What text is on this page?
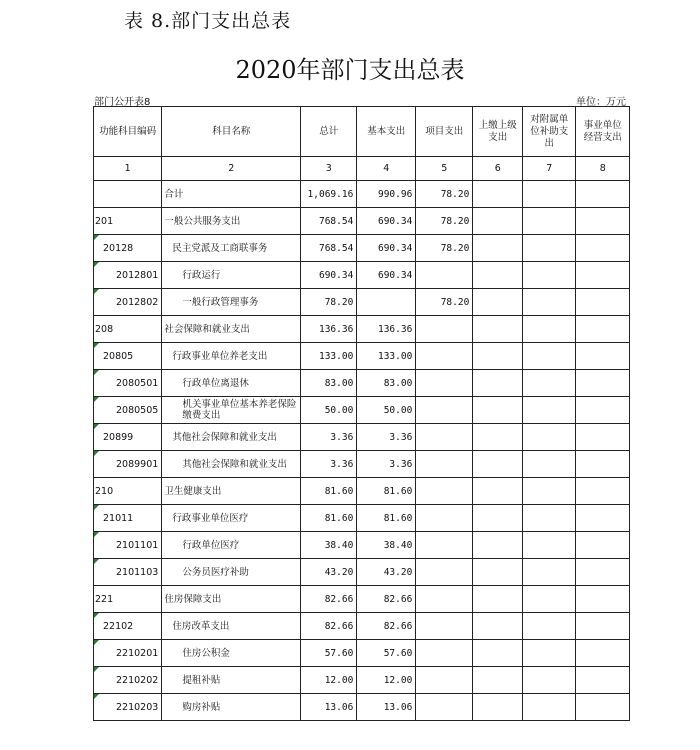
表 8.部门支出总表
2020年部门支出总表
部门公开表8	单位：万元
功能科目编码	科目名称	总计	基本支出	项目支出	上缴上级支出	对附属单位补助支出	事业单位经营支出
1	2	3	4	5	6	7	8
	合计	1,069.16	990.96	78.20			
201	一般公共服务支出	768.54	690.34	78.20			
20128	民主党派及工商联事务	768.54	690.34	78.20			
2012801	行政运行	690.34	690.34				
2012802	一般行政管理事务	78.20		78.20			
208	社会保障和就业支出	136.36	136.36				
20805	行政事业单位养老支出	133.00	133.00				
2080501	行政单位离退休	83.00	83.00				
2080505	机关事业单位基本养老保险缴费支出	50.00	50.00				
20899	其他社会保障和就业支出	3.36	3.36				
2089901	其他社会保障和就业支出	3.36	3.36				
210	卫生健康支出	81.60	81.60				
21011	行政事业单位医疗	81.60	81.60				
2101101	行政单位医疗	38.40	38.40				
2101103	公务员医疗补助	43.20	43.20				
221	住房保障支出	82.66	82.66				
22102	住房改革支出	82.66	82.66				
2210201	住房公积金	57.60	57.60				
2210202	提租补贴	12.00	12.00				
2210203	购房补贴	13.06	13.06				
